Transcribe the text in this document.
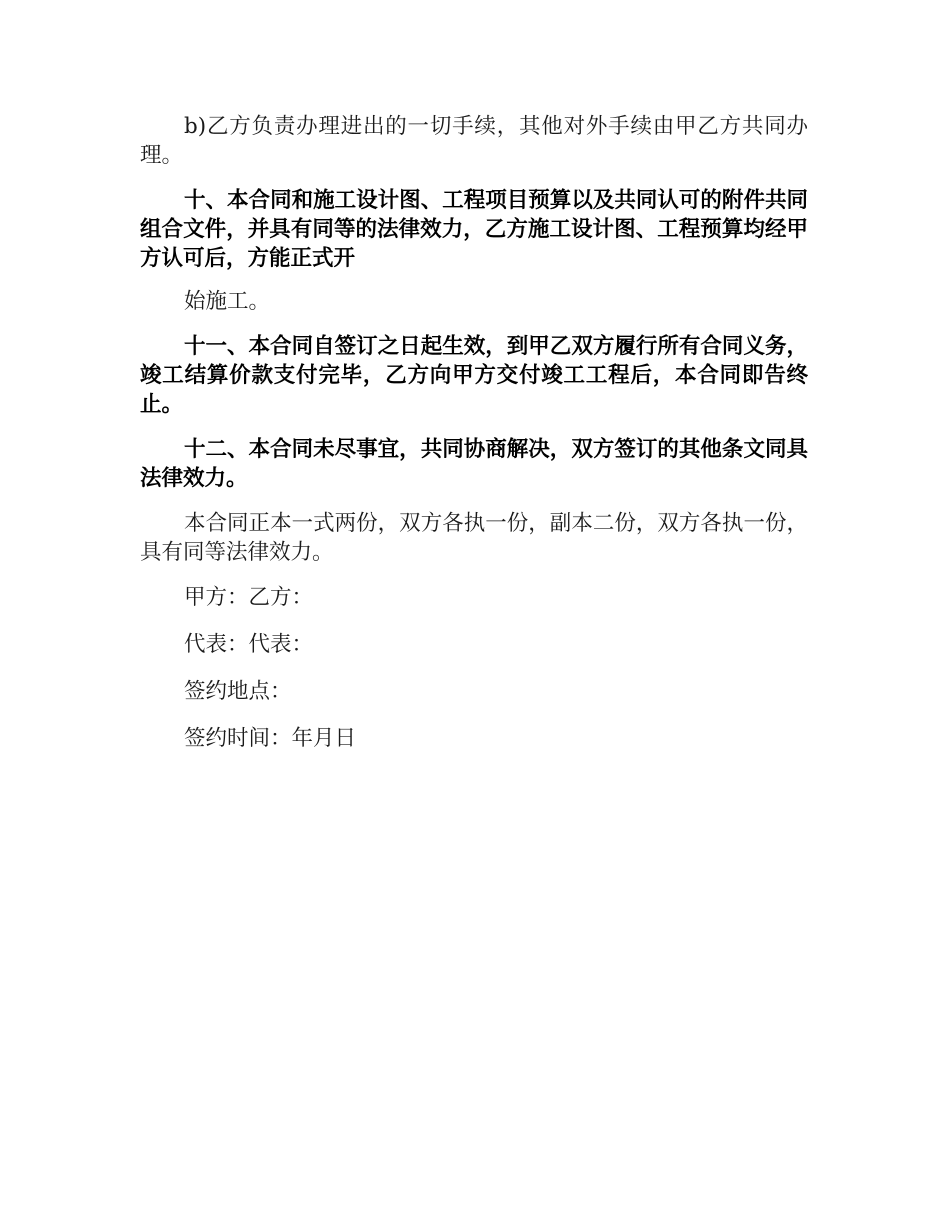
b)乙方负责办理进出的一切手续，其他对外手续由甲乙方共同办理。

十、本合同和施工设计图、工程项目预算以及共同认可的附件共同组合文件，并具有同等的法律效力，乙方施工设计图、工程预算均经甲方认可后，方能正式开

始施工。

十一、本合同自签订之日起生效，到甲乙双方履行所有合同义务，竣工结算价款支付完毕，乙方向甲方交付竣工工程后，本合同即告终止。

十二、本合同未尽事宜，共同协商解决，双方签订的其他条文同具法律效力。

本合同正本一式两份，双方各执一份，副本二份，双方各执一份，具有同等法律效力。

甲方：乙方：

代表：代表：

签约地点：

签约时间：年月日
